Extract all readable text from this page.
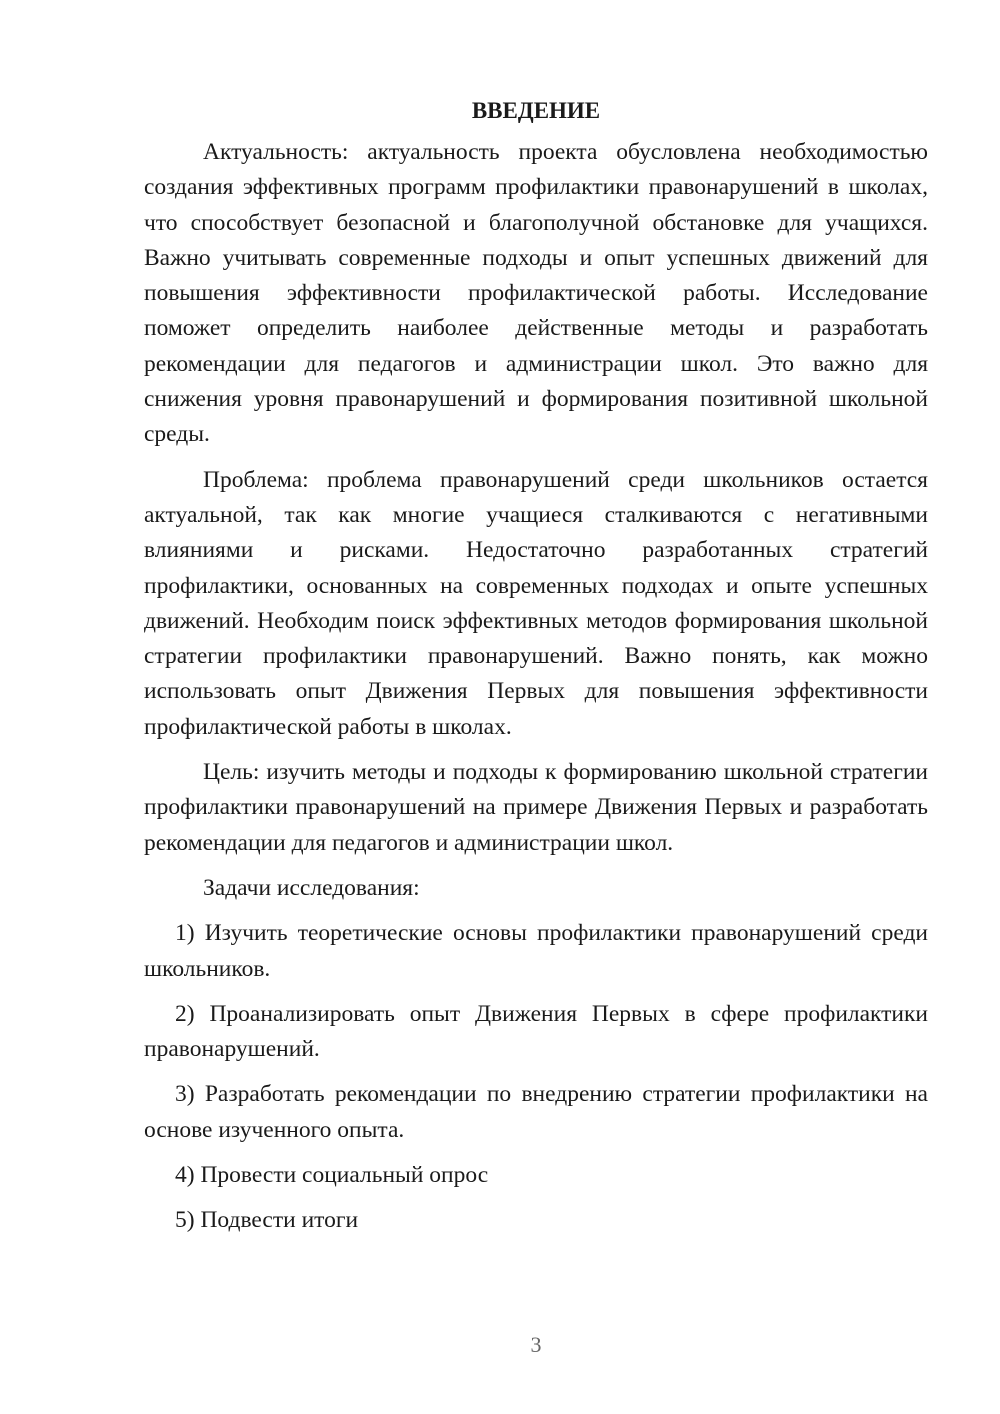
ВВЕДЕНИЕ

Актуальность: актуальность проекта обусловлена необходимостью создания эффективных программ профилактики правонарушений в школах, что способствует безопасной и благополучной обстановке для учащихся. Важно учитывать современные подходы и опыт успешных движений для повышения эффективности профилактической работы. Исследование поможет определить наиболее действенные методы и разработать рекомендации для педагогов и администрации школ. Это важно для снижения уровня правонарушений и формирования позитивной школьной среды.

Проблема: проблема правонарушений среди школьников остается актуальной, так как многие учащиеся сталкиваются с негативными влияниями и рисками. Недостаточно разработанных стратегий профилактики, основанных на современных подходах и опыте успешных движений. Необходим поиск эффективных методов формирования школьной стратегии профилактики правонарушений. Важно понять, как можно использовать опыт Движения Первых для повышения эффективности профилактической работы в школах.

Цель: изучить методы и подходы к формированию школьной стратегии профилактики правонарушений на примере Движения Первых и разработать рекомендации для педагогов и администрации школ.

Задачи исследования:

1) Изучить теоретические основы профилактики правонарушений среди школьников.

2) Проанализировать опыт Движения Первых в сфере профилактики правонарушений.

3) Разработать рекомендации по внедрению стратегии профилактики на основе изученного опыта.

4) Провести социальный опрос

5) Подвести итоги

3
